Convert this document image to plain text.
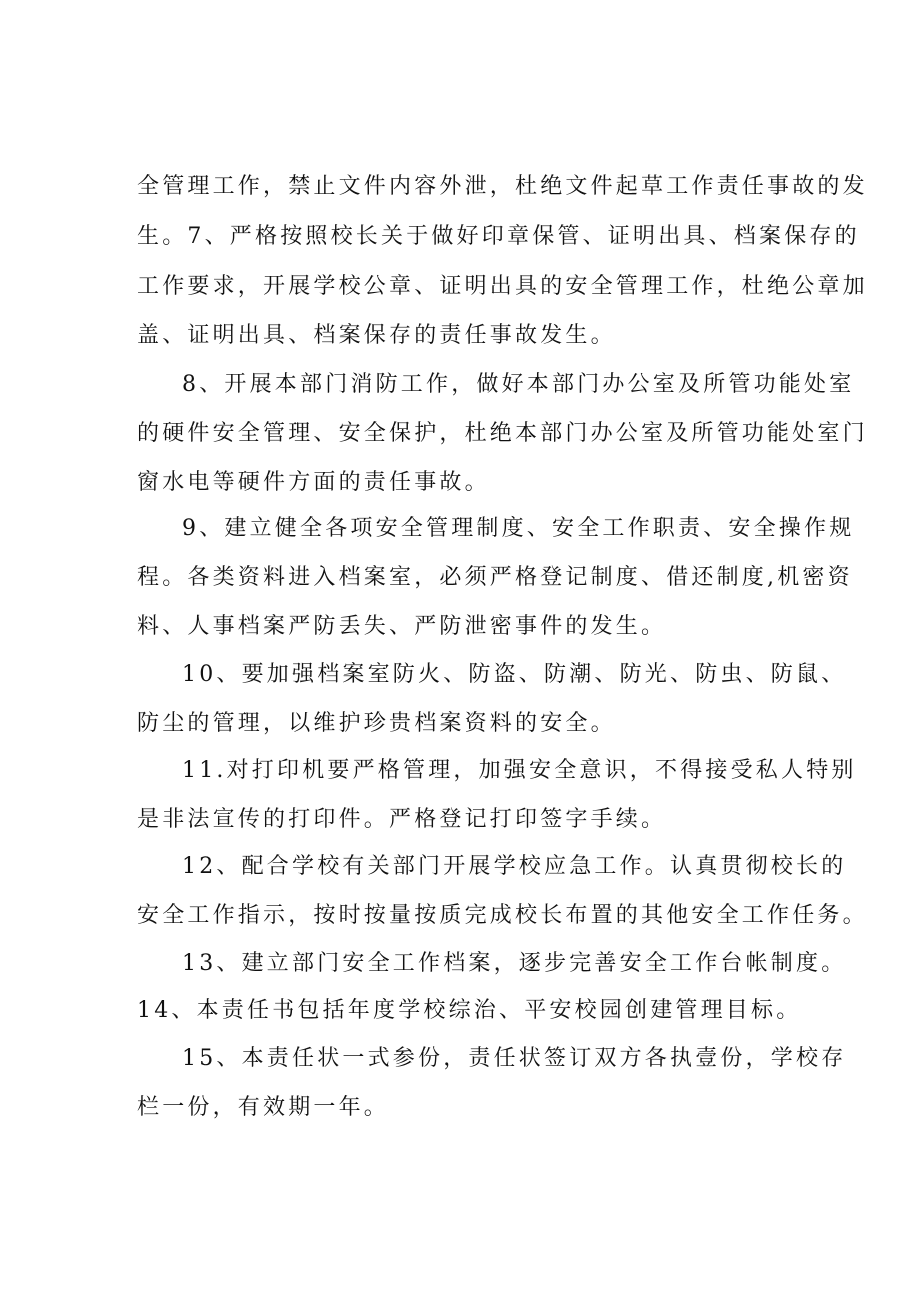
全管理工作，禁止文件内容外泄，杜绝文件起草工作责任事故的发

生。7、严格按照校长关于做好印章保管、证明出具、档案保存的

工作要求，开展学校公章、证明出具的安全管理工作，杜绝公章加

盖、证明出具、档案保存的责任事故发生。

8、开展本部门消防工作，做好本部门办公室及所管功能处室

的硬件安全管理、安全保护，杜绝本部门办公室及所管功能处室门

窗水电等硬件方面的责任事故。

9、建立健全各项安全管理制度、安全工作职责、安全操作规

程。各类资料进入档案室，必须严格登记制度、借还制度,机密资

料、人事档案严防丢失、严防泄密事件的发生。

10、要加强档案室防火、防盗、防潮、防光、防虫、防鼠、

防尘的管理，以维护珍贵档案资料的安全。

11.对打印机要严格管理，加强安全意识，不得接受私人特别

是非法宣传的打印件。严格登记打印签字手续。

12、配合学校有关部门开展学校应急工作。认真贯彻校长的

安全工作指示，按时按量按质完成校长布置的其他安全工作任务。

13、建立部门安全工作档案，逐步完善安全工作台帐制度。

14、本责任书包括年度学校综治、平安校园创建管理目标。

15、本责任状一式参份，责任状签订双方各执壹份，学校存

栏一份，有效期一年。
